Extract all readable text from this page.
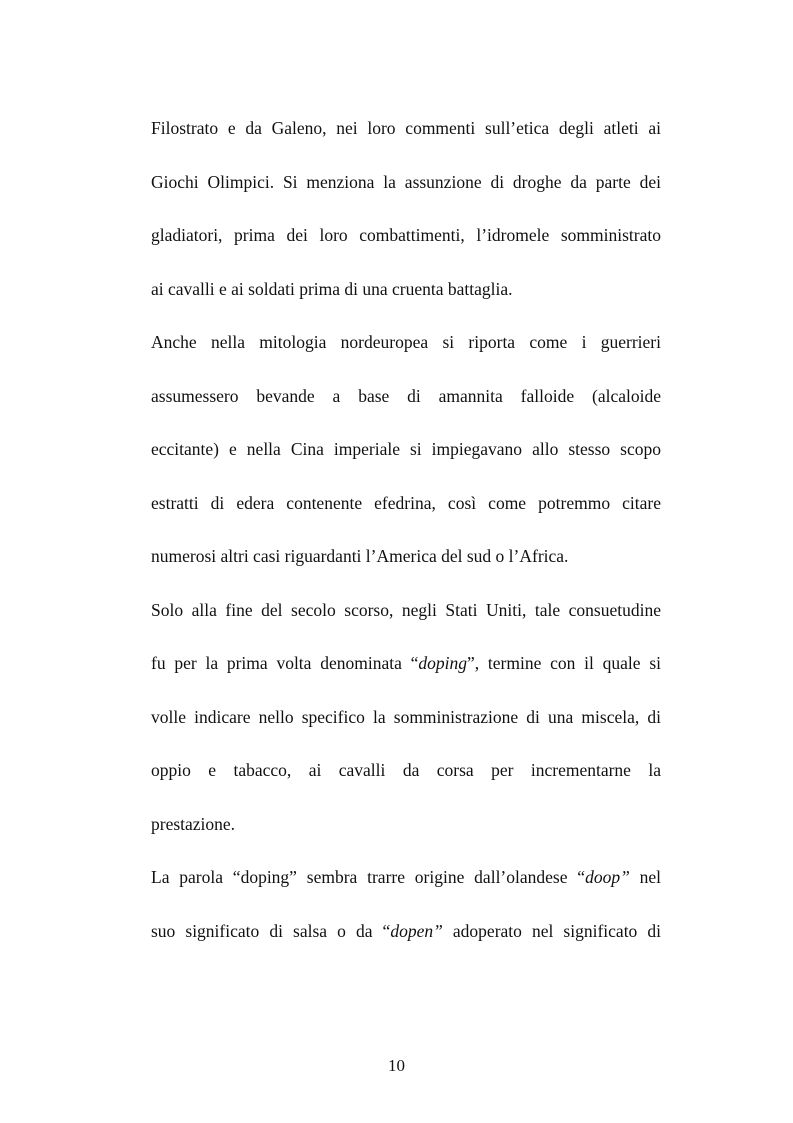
Filostrato e da Galeno, nei loro commenti sull’etica degli atleti ai
Giochi Olimpici. Si menziona la assunzione di droghe da parte dei
gladiatori, prima dei loro combattimenti, l’idromele somministrato
ai cavalli e ai soldati prima di una cruenta battaglia.
Anche nella mitologia nordeuropea si riporta come i guerrieri
assumessero bevande a base di amannita falloide (alcaloide
eccitante) e nella Cina imperiale si impiegavano allo stesso scopo
estratti di edera contenente efedrina, così come potremmo citare
numerosi altri casi riguardanti l’America del sud o l’Africa.
Solo alla fine del secolo scorso, negli Stati Uniti, tale consuetudine
fu per la prima volta denominata “doping”, termine con il quale si
volle indicare nello specifico la somministrazione di una miscela, di
oppio e tabacco, ai cavalli da corsa per incrementarne la
prestazione.
La parola “doping” sembra trarre origine dall’olandese “doop” nel
suo significato di salsa o da “dopen” adoperato nel significato di
10
